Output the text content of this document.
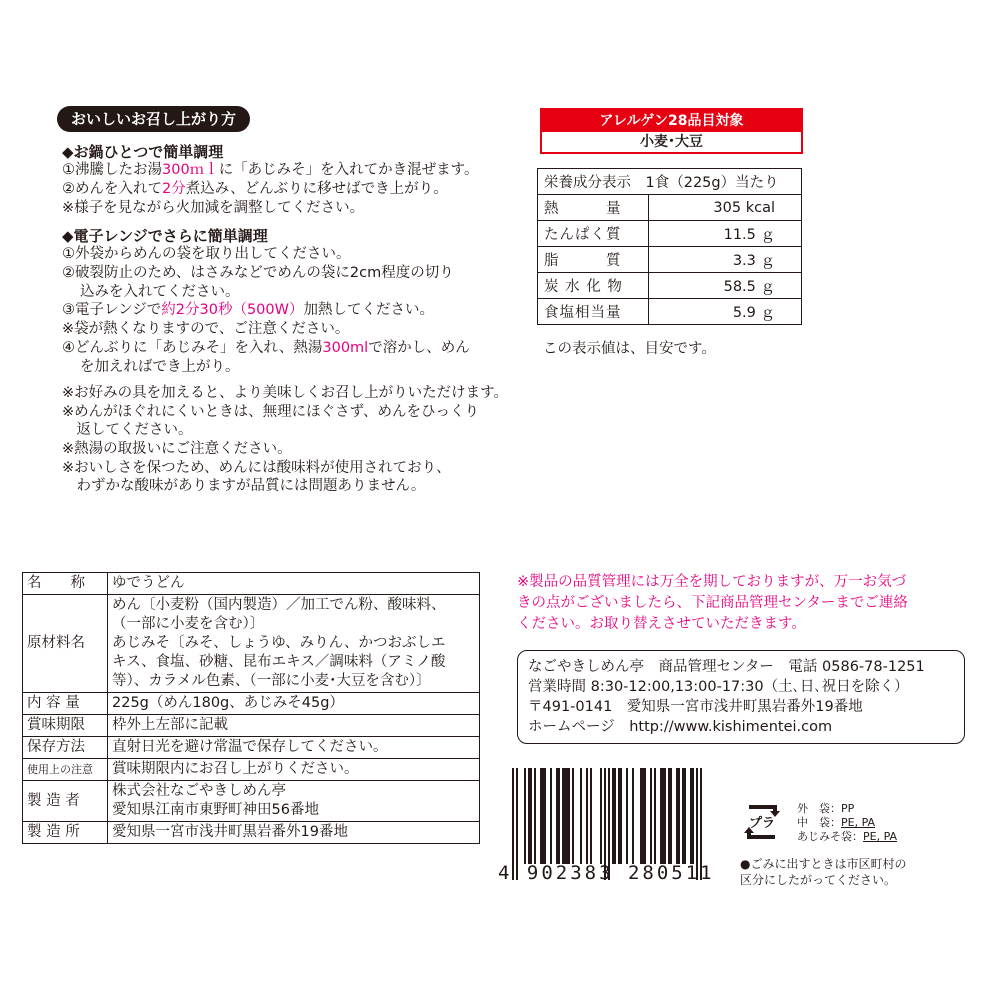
おいしいお召し上がり方
◆お鍋ひとつで簡単調理
①沸騰したお湯300ｍｌに「あじみそ」を入れてかき混ぜます。
②めんを入れて2分煮込み、どんぶりに移せばでき上がり。
※様子を見ながら火加減を調整してください。
◆電子レンジでさらに簡単調理
①外袋からめんの袋を取り出してください。
②破裂防止のため、はさみなどでめんの袋に2cm程度の切り
込みを入れてください。
③電子レンジで約2分30秒（500W）加熱してください。
※袋が熱くなりますので、ご注意ください。
④どんぶりに「あじみそ」を入れ、熱湯300mlで溶かし、めん
を加えればでき上がり。
※お好みの具を加えると、より美味しくお召し上がりいただけます。
※めんがほぐれにくいときは、無理にほぐさず、めんをひっくり
　返してください。
※熱湯の取扱いにご注意ください。
※おいしさを保つため、めんには酸味料が使用されており、
　わずかな酸味がありますが品質には問題ありません。
アレルゲン28品目対象
小麦･大豆
栄養成分表示　1食（225g）当たり	
熱　　　量	305 kcal
たんぱく質	11.5 ｇ
脂　　　質	3.3 ｇ
炭 水 化 物	58.5 ｇ
食塩相当量	5.9 ｇ
この表示値は、目安です。
名　　称	ゆでうどん
原材料名	めん〔小麦粉（国内製造）／加工でん粉、酸味料、
（一部に小麦を含む）〕
あじみそ〔みそ、しょうゆ、みりん、かつおぶしエ
キス、食塩、砂糖、昆布エキス／調味料（アミノ酸
等）、カラメル色素、（一部に小麦･大豆を含む）〕

内 容 量	225g（めん180g、あじみそ45g）
賞味期限	枠外上左部に記載
保存方法	直射日光を避け常温で保存してください。
使用上の注意	賞味期限内にお召し上がりください。
製 造 者	株式会社なごやきしめん亭
愛知県江南市東野町神田56番地

製 造 所	愛知県一宮市浅井町黒岩番外19番地
※製品の品質管理には万全を期しておりますが、万一お気づ
きの点がございましたら、下記商品管理センターまでご連絡
ください。お取り替えさせていただきます。
なごやきしめん亭　商品管理センター　電話 0586-78-1251
営業時間 8:30-12:00,13:00-17:30（土､日､祝日を除く）
〒491-0141　愛知県一宮市浅井町黒岩番外19番地
ホームページ　http://www.kishimentei.com
4 902383 280511
プラ
外　袋：PP
中　袋：PE, PA
あじみそ袋：PE, PA
●ごみに出すときは市区町村の
区分にしたがってください。
